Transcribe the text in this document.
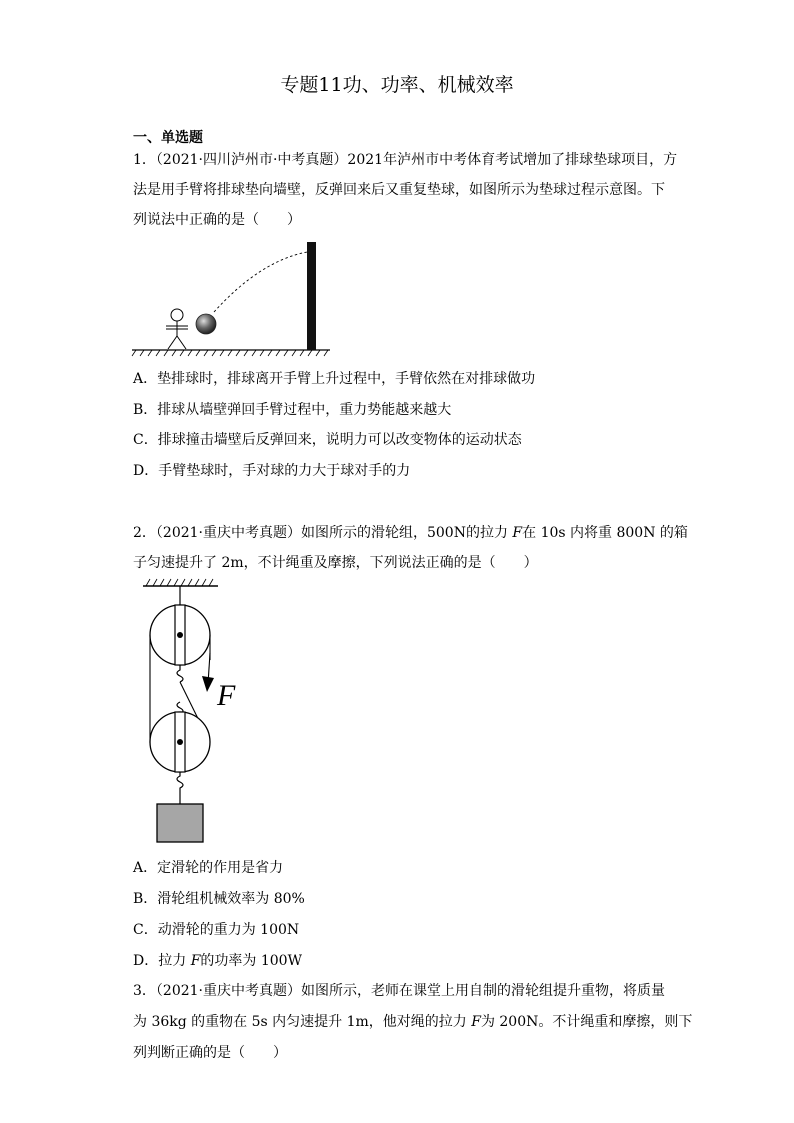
专题11功、功率、机械效率
一、单选题
1．（2021·四川泸州市·中考真题）2021年泸州市中考体育考试增加了排球垫球项目，方
法是用手臂将排球垫向墙壁，反弹回来后又重复垫球，如图所示为垫球过程示意图。下
列说法中正确的是（　　）
A．垫排球时，排球离开手臂上升过程中，手臂依然在对排球做功
B．排球从墙壁弹回手臂过程中，重力势能越来越大
C．排球撞击墙壁后反弹回来，说明力可以改变物体的运动状态
D．手臂垫球时，手对球的力大于球对手的力
2．（2021·重庆中考真题）如图所示的滑轮组，500N的拉力 F在 10s 内将重 800N 的箱
子匀速提升了 2m，不计绳重及摩擦，下列说法正确的是（　　）
F
A．定滑轮的作用是省力
B．滑轮组机械效率为 80%
C．动滑轮的重力为 100N
D．拉力 F的功率为 100W
3．（2021·重庆中考真题）如图所示，老师在课堂上用自制的滑轮组提升重物，将质量
为 36kg 的重物在 5s 内匀速提升 1m，他对绳的拉力 F为 200N。不计绳重和摩擦，则下
列判断正确的是（　　）
